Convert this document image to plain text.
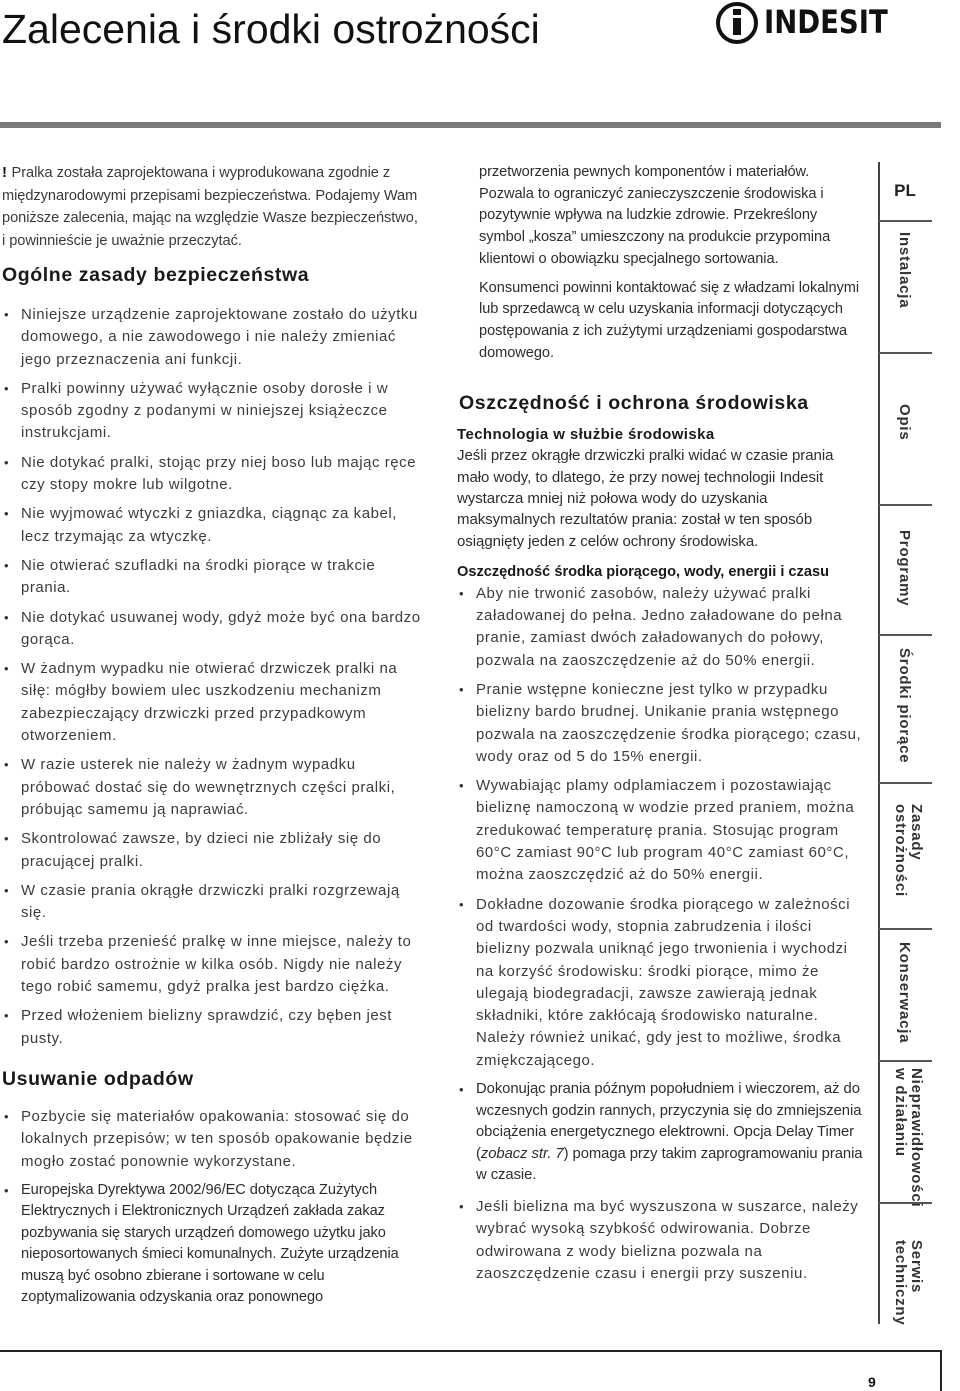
Zalecenia i środki ostrożności	INDESIT

! Pralka została zaprojektowana i wyprodukowana zgodnie z międzynarodowymi przepisami bezpieczeństwa. Podajemy Wam poniższe zalecenia, mając na względzie Wasze bezpieczeństwo, i powinnieście je uważnie przeczytać.

Ogólne zasady bezpieczeństwa
• Niniejsze urządzenie zaprojektowane zostało do użytku domowego, a nie zawodowego i nie należy zmieniać jego przeznaczenia ani funkcji.
• Pralki powinny używać wyłącznie osoby dorosłe i w sposób zgodny z podanymi w niniejszej książeczce instrukcjami.
• Nie dotykać pralki, stojąc przy niej boso lub mając ręce czy stopy mokre lub wilgotne.
• Nie wyjmować wtyczki z gniazdka, ciągnąc za kabel, lecz trzymając za wtyczkę.
• Nie otwierać szufladki na środki piorące w trakcie prania.
• Nie dotykać usuwanej wody, gdyż może być ona bardzo gorąca.
• W żadnym wypadku nie otwierać drzwiczek pralki na siłę: mógłby bowiem ulec uszkodzeniu mechanizm zabezpieczający drzwiczki przed przypadkowym otworzeniem.
• W razie usterek nie należy w żadnym wypadku próbować dostać się do wewnętrznych części pralki, próbując samemu ją naprawiać.
• Skontrolować zawsze, by dzieci nie zbliżały się do pracującej pralki.
• W czasie prania okrągłe drzwiczki pralki rozgrzewają się.
• Jeśli trzeba przenieść pralkę w inne miejsce, należy to robić bardzo ostrożnie w kilka osób. Nigdy nie należy tego robić samemu, gdyż pralka jest bardzo ciężka.
• Przed włożeniem bielizny sprawdzić, czy bęben jest pusty.
Usuwanie odpadów
• Pozbycie się materiałów opakowania: stosować się do lokalnych przepisów; w ten sposób opakowanie będzie mogło zostać ponownie wykorzystane.
• Europejska Dyrektywa 2002/96/EC dotycząca Zużytych Elektrycznych i Elektronicznych Urządzeń zakłada zakaz pozbywania się starych urządzeń domowego użytku jako nieposortowanych śmieci komunalnych. Zużyte urządzenia muszą być osobno zbierane i sortowane w celu zoptymalizowania odzyskania oraz ponownego

przetworzenia pewnych komponentów i materiałów. Pozwala to ograniczyć zanieczyszczenie środowiska i pozytywnie wpływa na ludzkie zdrowie. Przekreślony symbol „kosza” umieszczony na produkcie przypomina klientowi o obowiązku specjalnego sortowania.

Konsumenci powinni kontaktować się z władzami lokalnymi lub sprzedawcą w celu uzyskania informacji dotyczących postępowania z ich zużytymi urządzeniami gospodarstwa domowego.

Oszczędność i ochrona środowiska
Technologia w służbie środowiska

Jeśli przez okrągłe drzwiczki pralki widać w czasie prania mało wody, to dlatego, że przy nowej technologii Indesit wystarcza mniej niż połowa wody do uzyskania maksymalnych rezultatów prania: został w ten sposób osiągnięty jeden z celów ochrony środowiska.

Oszczędność środka piorącego, wody, energii i czasu
• Aby nie trwonić zasobów, należy używać pralki załadowanej do pełna. Jedno załadowane do pełna pranie, zamiast dwóch załadowanych do połowy, pozwala na zaoszczędzenie aż do 50% energii.
• Pranie wstępne konieczne jest tylko w przypadku bielizny bardo brudnej. Unikanie prania wstępnego pozwala na zaoszczędzenie środka piorącego; czasu, wody oraz od 5 do 15% energii.
• Wywabiając plamy odplamiaczem i pozostawiając bieliznę namoczoną w wodzie przed praniem, można zredukować temperaturę prania. Stosując program 60°C zamiast 90°C lub program 40°C zamiast 60°C, można zaoszczędzić aż do 50% energii.
• Dokładne dozowanie środka piorącego w zależności od twardości wody, stopnia zabrudzenia i ilości bielizny pozwala uniknąć jego trwonienia i wychodzi na korzyść środowisku: środki piorące, mimo że ulegają biodegradacji, zawsze zawierają jednak składniki, które zakłócają środowisko naturalne. Należy również unikać, gdy jest to możliwe, środka zmiękczającego.
• Dokonując prania późnym popołudniem i wieczorem, aż do wczesnych godzin rannych, przyczynia się do zmniejszenia obciążenia energetycznego elektrowni. Opcja Delay Timer (zobacz str. 7) pomaga przy takim zaprogramowaniu prania w czasie.
• Jeśli bielizna ma być wyszuszona w suszarce, należy wybrać wysoką szybkość odwirowania. Dobrze odwirowana z wody bielizna pozwala na zaoszczędzenie czasu i energii przy suszeniu.
PL
Instalacja
Opis
Programy
Środki piorące
Zasady ostrożności
Konserwacja
Nieprawidłowości w działaniu
Serwis techniczny
9
